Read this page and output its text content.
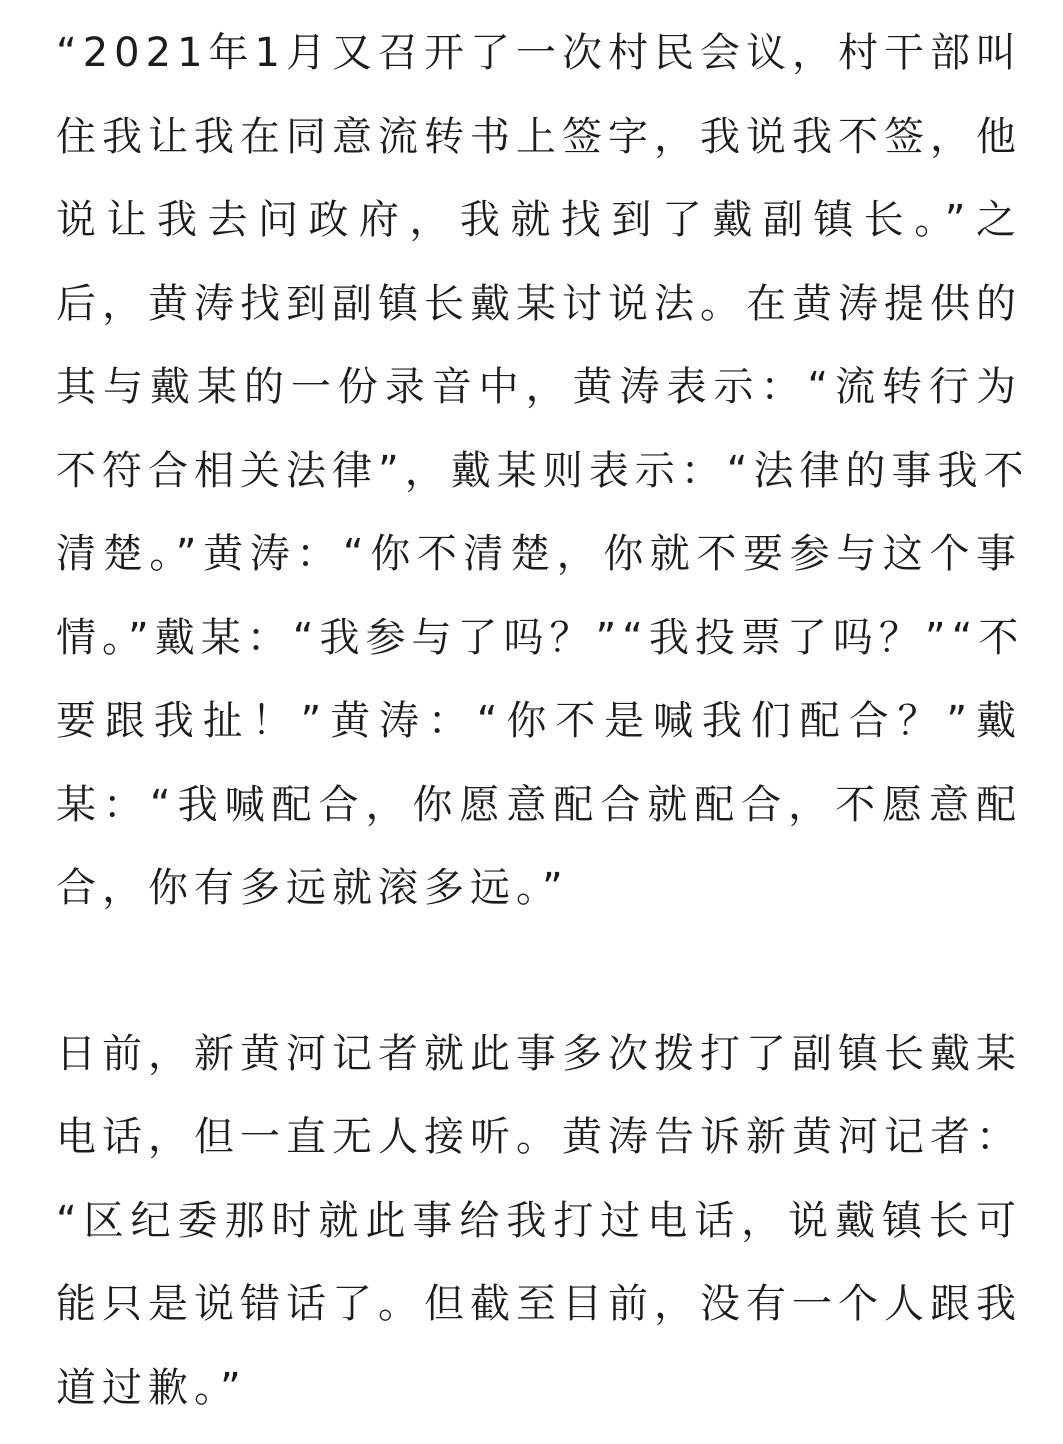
“2021年1月又召开了一次村民会议，村干部叫
住我让我在同意流转书上签字，我说我不签，他
说让我去问政府，我就找到了戴副镇长。”之
后，黄涛找到副镇长戴某讨说法。在黄涛提供的
其与戴某的一份录音中，黄涛表示：“流转行为
不符合相关法律”，戴某则表示：“法律的事我不
清楚。”黄涛：“你不清楚，你就不要参与这个事
情。”戴某：“我参与了吗？”“我投票了吗？”“不
要跟我扯！”黄涛：“你不是喊我们配合？”戴
某：“我喊配合，你愿意配合就配合，不愿意配
合，你有多远就滚多远。”
日前，新黄河记者就此事多次拨打了副镇长戴某
电话，但一直无人接听。黄涛告诉新黄河记者：
“区纪委那时就此事给我打过电话，说戴镇长可
能只是说错话了。但截至目前，没有一个人跟我
道过歉。”
